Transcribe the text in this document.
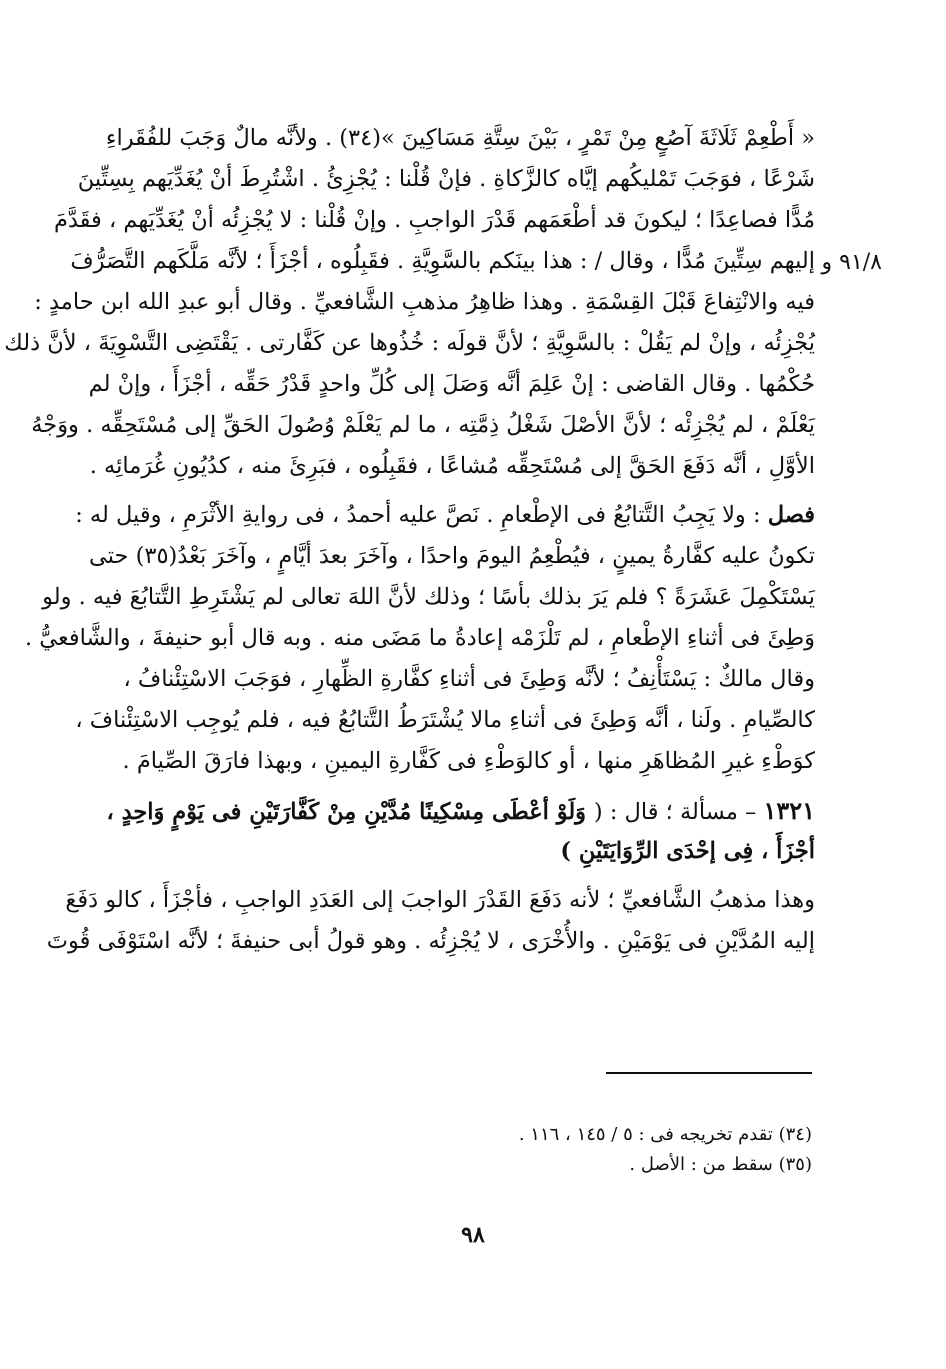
٩١/٨ و
« أَطْعِمْ ثَلَاثَةَ آصُعٍ مِنْ تَمْرٍ ، بَيْنَ سِتَّةِ مَسَاكِينَ »(٣٤) . ولأنَّه مالٌ وَجَبَ للفُقَراءِ
شَرْعًا ، فوَجَبَ تَمْليكُهم إيَّاه كالزَّكاةِ . فإنْ قُلْنا : يُجْزِئُ . اشْتُرِطَ أنْ يُغَدِّيَهم بِسِتِّينَ
مُدًّا فصاعِدًا ؛ ليكونَ قد أطْعَمَهم قَدْرَ الواجبِ . وإنْ قُلْنا : لا يُجْزِئُه أنْ يُغَدِّيَهم ، فقَدَّمَ
إليهم سِتِّينَ مُدًّا ، وقال / : هذا بينَكم بالسَّوِيَّةِ . فقَبِلُوه ، أجْزَأَ ؛ لأنَّه مَلَّكَهم التَّصَرُّفَ
فيه والانْتِفاعَ قَبْلَ القِسْمَةِ . وهذا ظاهِرُ مذهبِ الشَّافعيِّ . وقال أبو عبدِ الله ابن حامدٍ :
يُجْزِئُه ، وإنْ لم يَقُلْ : بالسَّوِيَّةِ ؛ لأنَّ قولَه : خُذُوها عن كَفَّارتى . يَقْتَضِى التَّسْوِيَةَ ، لأنَّ ذلك
حُكْمُها . وقال القاضى : إنْ عَلِمَ أنَّه وَصَلَ إلى كُلِّ واحدٍ قَدْرُ حَقِّه ، أجْزَأَ ، وإنْ لم
يَعْلَمْ ، لم يُجْزِئْه ؛ لأنَّ الأصْلَ شَغْلُ ذِمَّتِه ، ما لم يَعْلَمْ وُصُولَ الحَقِّ إلى مُسْتَحِقِّه . ووَجْهُ
الأوَّلِ ، أنَّه دَفَعَ الحَقَّ إلى مُسْتَحِقِّه مُشاعًا ، فقَبِلُوه ، فبَرِئَ منه ، كدُيُونِ غُرَمائِه .
فصل : ولا يَجِبُ التَّتابُعُ فى الإطْعامِ . نَصَّ عليه أحمدُ ، فى روايةِ الأثْرَمِ ، وقيل له :
تكونُ عليه كفَّارةُ يمينٍ ، فيُطْعِمُ اليومَ واحدًا ، وآخَرَ بعدَ أيَّامٍ ، وآخَرَ بَعْدُ(٣٥) حتى
يَسْتَكْمِلَ عَشَرَةً ؟ فلم يَرَ بذلك بأسًا ؛ وذلك لأنَّ اللهَ تعالى لم يَشْتَرِطِ التَّتابُعَ فيه . ولو
وَطِئَ فى أثناءِ الإطْعامِ ، لم تَلْزَمْه إعادةُ ما مَضَى منه . وبه قال أبو حنيفةَ ، والشَّافعيُّ .
وقال مالكٌ : يَسْتَأْنِفُ ؛ لأنَّه وَطِئَ فى أثناءِ كفَّارةِ الظِّهارِ ، فوَجَبَ الاسْتِئْنافُ ،
كالصِّيامِ . ولَنا ، أنَّه وَطِئَ فى أثناءِ مالا يُشْتَرَطُ التَّتابُعُ فيه ، فلم يُوجِب الاسْتِئْنافَ ،
كوَطْءِ غيرِ المُظاهَرِ منها ، أو كالوَطْءِ فى كَفَّارةِ اليمينِ ، وبهذا فارَقَ الصِّيامَ .
١٣٢١ – مسألة ؛ قال : ( وَلَوْ أعْطَى مِسْكِينًا مُدَّيْنِ مِنْ كَفَّارَتَيْنِ فى يَوْمٍ وَاحِدٍ ،
أجْزَأَ ، فِى إحْدَى الرِّوَايَتَيْنِ )
وهذا مذهبُ الشَّافعيِّ ؛ لأنه دَفَعَ القَدْرَ الواجبَ إلى العَدَدِ الواجبِ ، فأجْزَأَ ، كالو دَفَعَ
إليه المُدَّيْنِ فى يَوْمَيْنِ . والأُخْرَى ، لا يُجْزِئُه . وهو قولُ أبى حنيفةَ ؛ لأنَّه اسْتَوْفَى قُوتَ
(٣٤) تقدم تخريجه فى : ٥ / ١٤٥ ، ١١٦ .
(٣٥) سقط من : الأصل .
٩٨
